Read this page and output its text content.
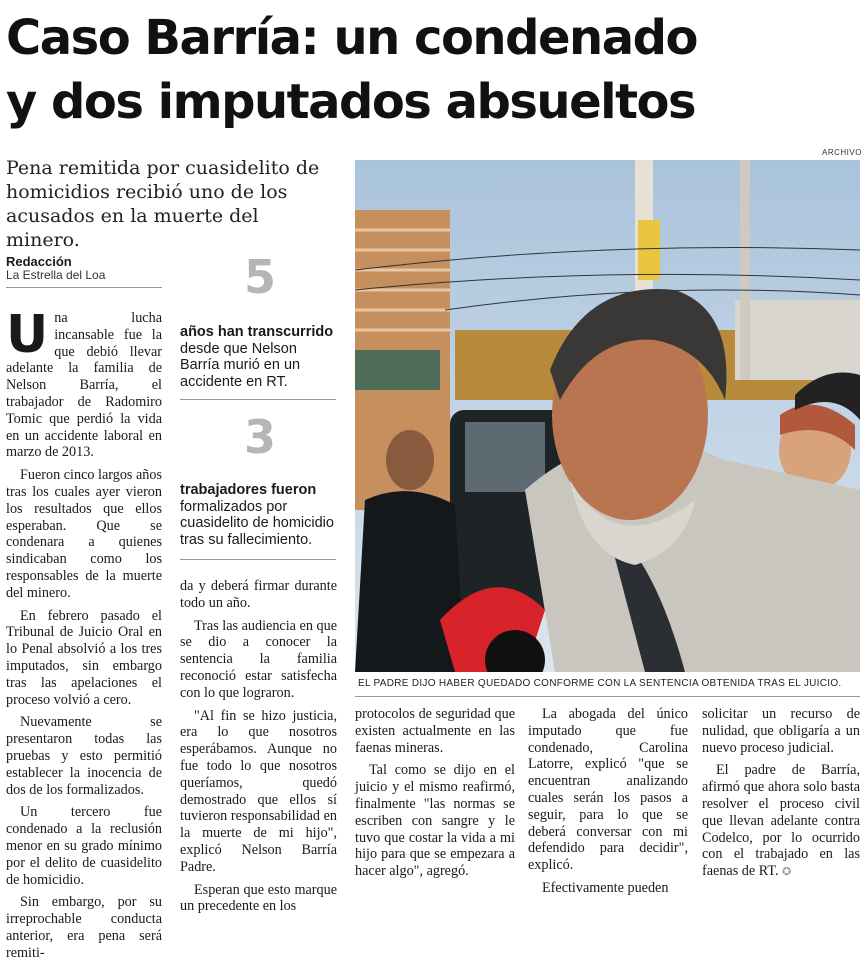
Caso Barría: un condenado
y dos imputados absueltos
Pena remitida por cuasidelito de homicidios recibió uno de los acusados en la muerte del minero.
Redacción
La Estrella del Loa

Una lucha incansable fue la que debió llevar adelante la familia de Nelson Barría, el trabajador de Radomiro Tomic que perdió la vida en un accidente laboral en marzo de 2013.

Fueron cinco largos años tras los cuales ayer vieron los resultados que ellos esperaban. Que se condenara a quienes sindicaban como los responsables de la muerte del minero.

En febrero pasado el Tribunal de Juicio Oral en lo Penal absolvió a los tres imputados, sin embargo tras las apelaciones el proceso volvió a cero.

Nuevamente se presentaron todas las pruebas y esto permitió establecer la inocencia de dos de los formalizados.

Un tercero fue condenado a la reclusión menor en su grado mínimo por el delito de cuasidelito de homicidio.

Sin embargo, por su irreprochable conducta anterior, era pena será remiti-

5
años han transcurrido desde que Nelson Barría murió en un accidente en RT.
3
trabajadores fueron formalizados por cuasidelito de homicidio tras su fallecimiento.

da y deberá firmar durante todo un año.

Tras las audiencia en que se dio a conocer la sentencia la familia reconoció estar satisfecha con lo que lograron.

"Al fin se hizo justicia, era lo que nosotros esperábamos. Aunque no fue todo lo que nosotros queríamos, quedó demostrado que ellos sí tuvieron responsabilidad en la muerte de mi hijo", explicó Nelson Barría Padre.

Esperan que esto marque un precedente en los

ARCHIVO
EL PADRE DIJO HABER QUEDADO CONFORME CON LA SENTENCIA OBTENIDA TRAS EL JUICIO.

protocolos de seguridad que existen actualmente en las faenas mineras.

Tal como se dijo en el juicio y el mismo reafirmó, finalmente "las normas se escriben con sangre y le tuvo que costar la vida a mi hijo para que se empezara a hacer algo", agregó.

La abogada del único imputado que fue condenado, Carolina Latorre, explicó "que se encuentran analizando cuales serán los pasos a seguir, para lo que se deberá conversar con mi defendido para decidir", explicó.

Efectivamente pueden

solicitar un recurso de nulidad, que obligaría a un nuevo proceso judicial.

El padre de Barría, afirmó que ahora solo basta resolver el proceso civil que llevan adelante contra Codelco, por lo ocurrido con el trabajado en las faenas de RT. ✪
